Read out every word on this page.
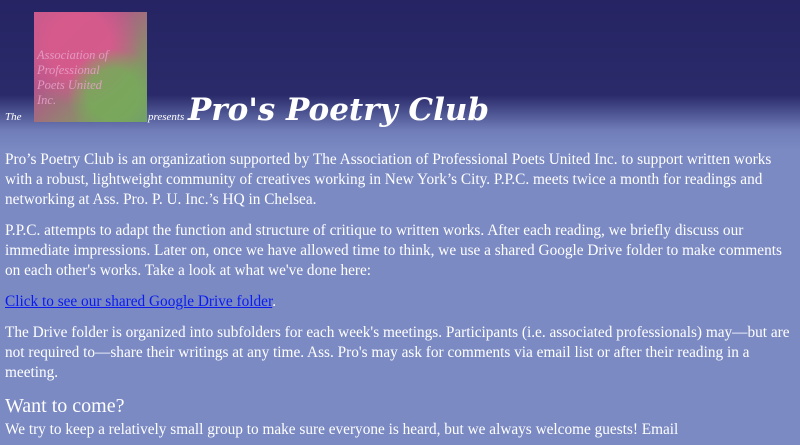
Association of
Professional
Poets United
Inc.
The	presents Pro's Poetry Club

Pro’s Poetry Club is an organization supported by The Association of Professional Poets United Inc. to support written works with a robust, lightweight community of creatives working in New York’s City. P.P.C. meets twice a month for readings and networking at Ass. Pro. P. U. Inc.’s HQ in Chelsea.

P.P.C. attempts to adapt the function and structure of critique to written works. After each reading, we briefly discuss our immediate impressions. Later on, once we have allowed time to think, we use a shared Google Drive folder to make comments on each other's works. Take a look at what we've done here:

Click to see our shared Google Drive folder.

The Drive folder is organized into subfolders for each week's meetings. Participants (i.e. associated professionals) may—but are not required to—share their writings at any time. Ass. Pro's may ask for comments via email list or after their reading in a meeting.

Want to come?

We try to keep a relatively small group to make sure everyone is heard, but we always welcome guests! Email
